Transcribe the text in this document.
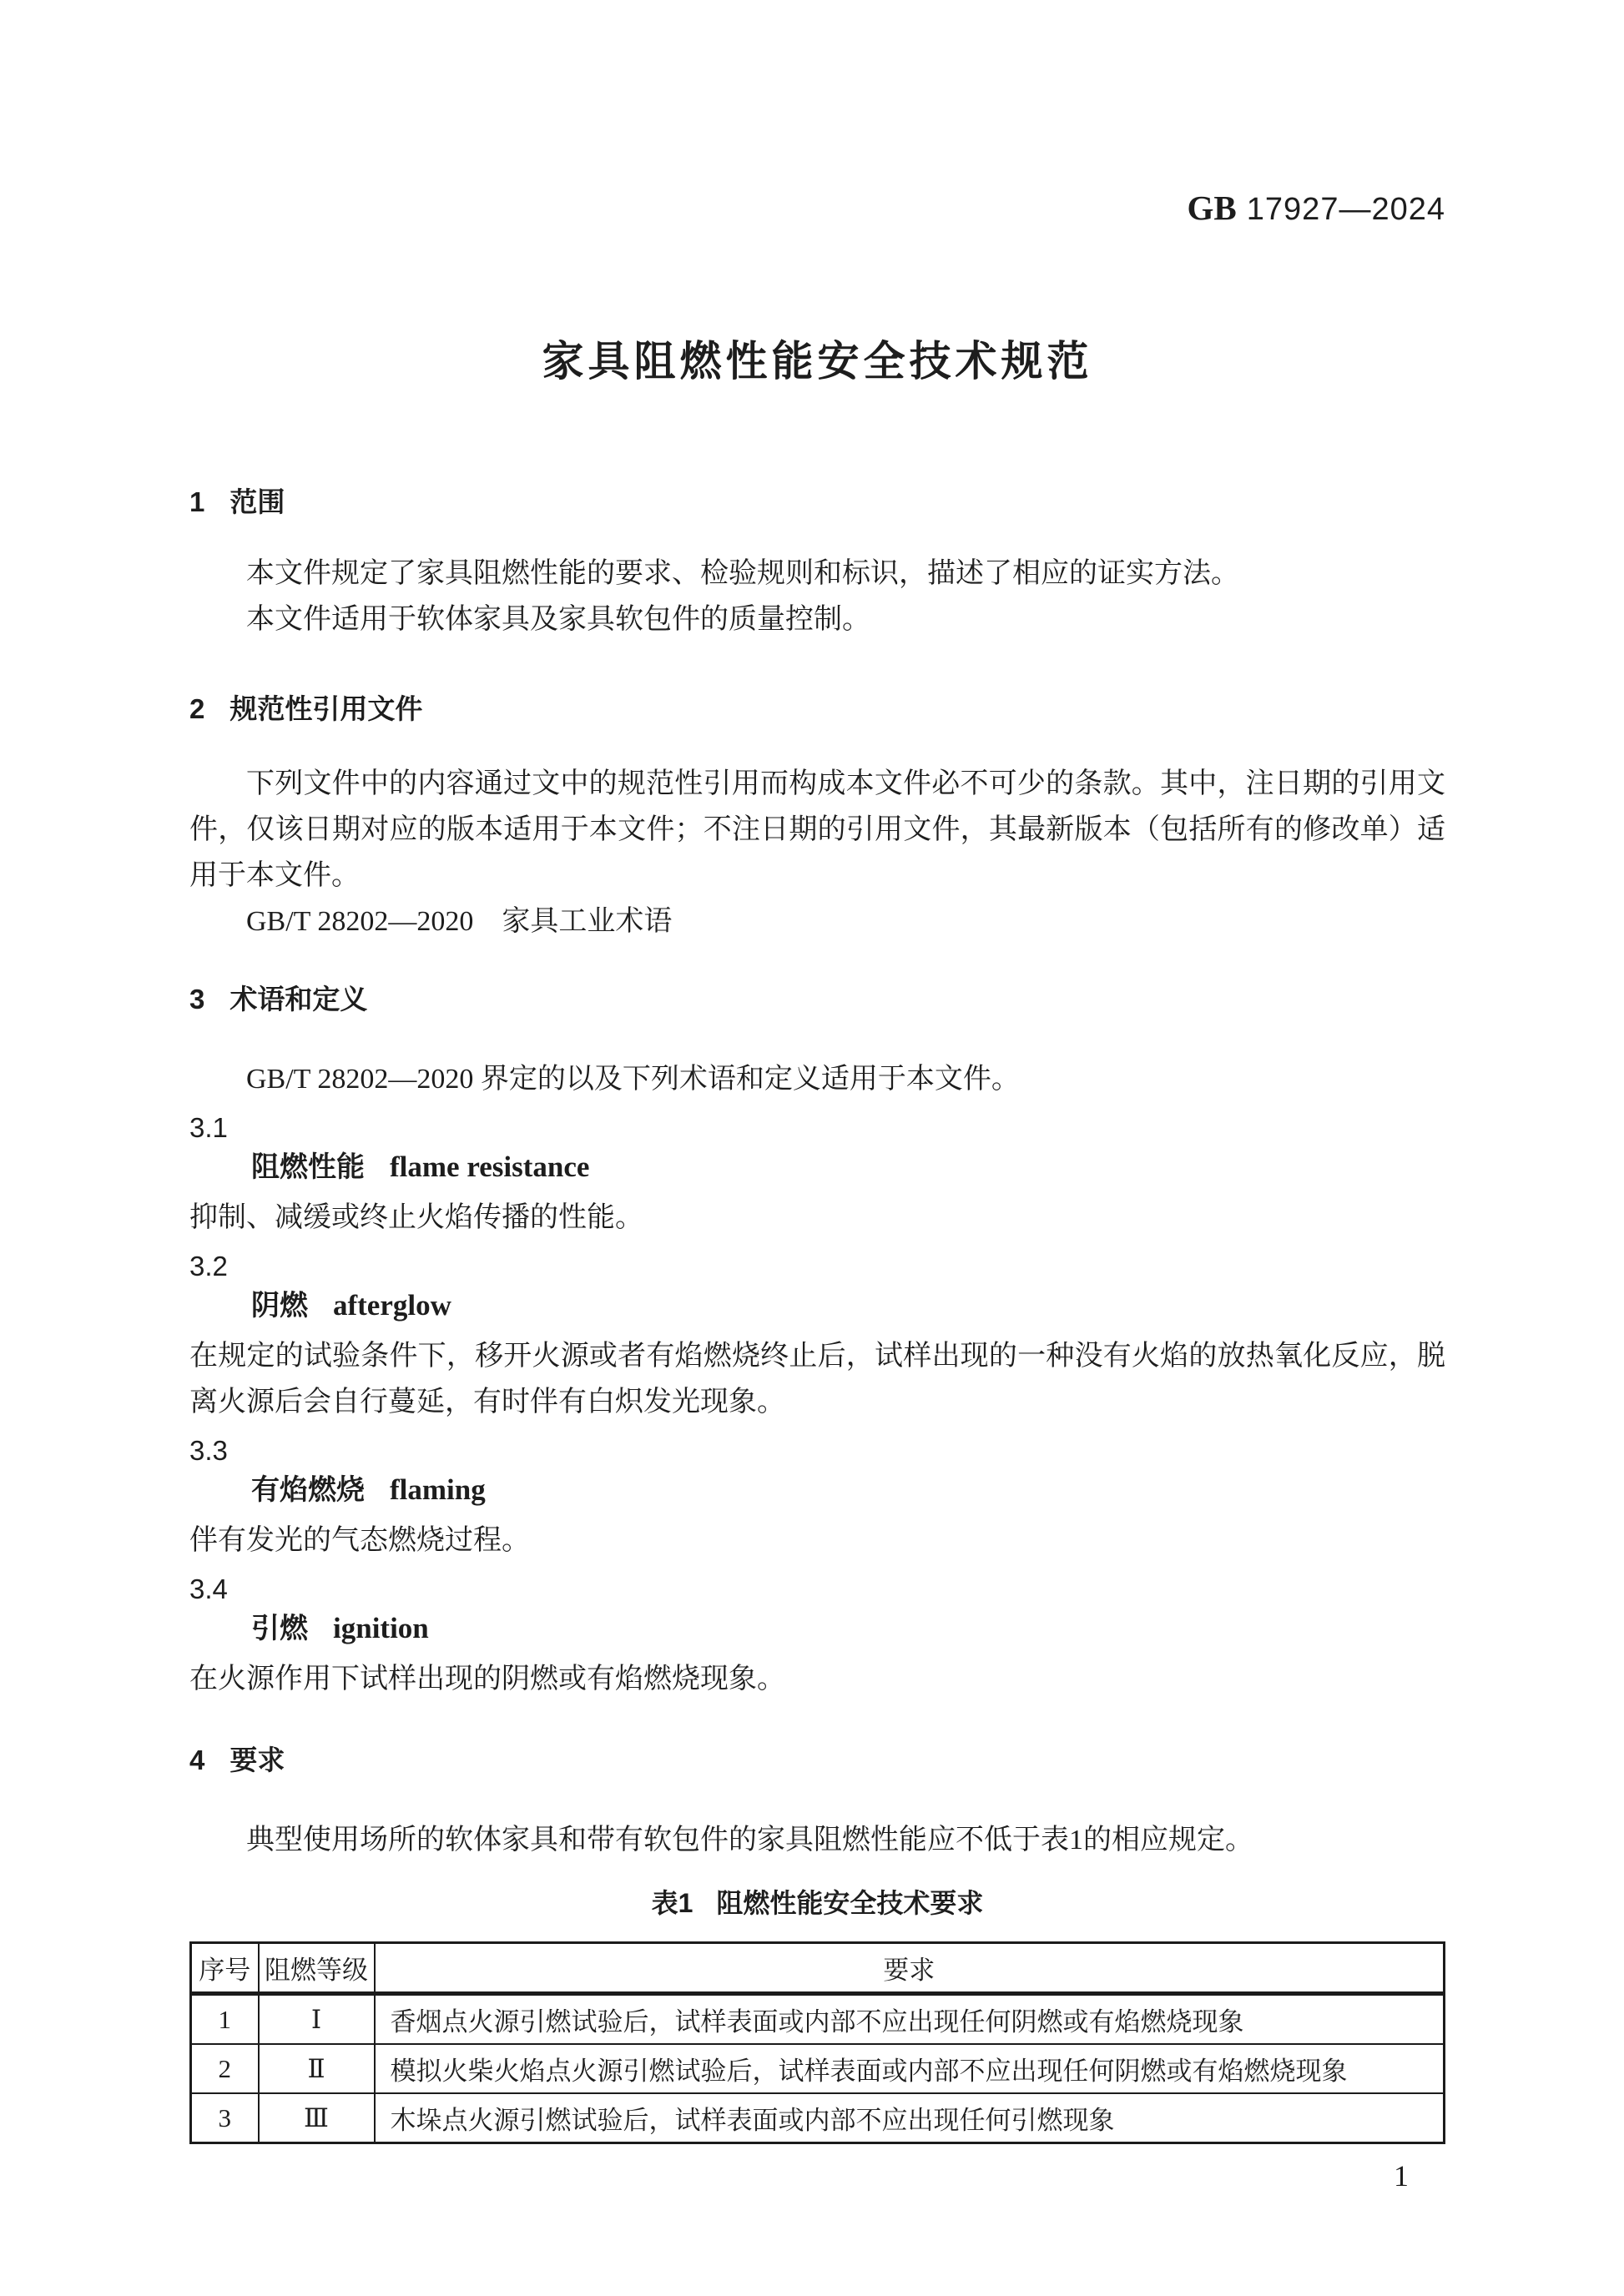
GB 17927—2024
家具阻燃性能安全技术规范
1 范围

本文件规定了家具阻燃性能的要求、检验规则和标识，描述了相应的证实方法。

本文件适用于软体家具及家具软包件的质量控制。

2 规范性引用文件

下列文件中的内容通过文中的规范性引用而构成本文件必不可少的条款。其中，注日期的引用文件，仅该日期对应的版本适用于本文件；不注日期的引用文件，其最新版本（包括所有的修改单）适用于本文件。

GB/T 28202—2020　家具工业术语

3 术语和定义

GB/T 28202—2020 界定的以及下列术语和定义适用于本文件。

3.1
阻燃性能 flame resistance

抑制、减缓或终止火焰传播的性能。

3.2
阴燃 afterglow

在规定的试验条件下，移开火源或者有焰燃烧终止后，试样出现的一种没有火焰的放热氧化反应，脱离火源后会自行蔓延，有时伴有白炽发光现象。

3.3
有焰燃烧 flaming

伴有发光的气态燃烧过程。

3.4
引燃 ignition

在火源作用下试样出现的阴燃或有焰燃烧现象。

4 要求

典型使用场所的软体家具和带有软包件的家具阻燃性能应不低于表1的相应规定。

表1 阻燃性能安全技术要求
序号	阻燃等级	要求
1	Ⅰ	香烟点火源引燃试验后，试样表面或内部不应出现任何阴燃或有焰燃烧现象
2	Ⅱ	模拟火柴火焰点火源引燃试验后，试样表面或内部不应出现任何阴燃或有焰燃烧现象
3	Ⅲ	木垛点火源引燃试验后，试样表面或内部不应出现任何引燃现象
1
